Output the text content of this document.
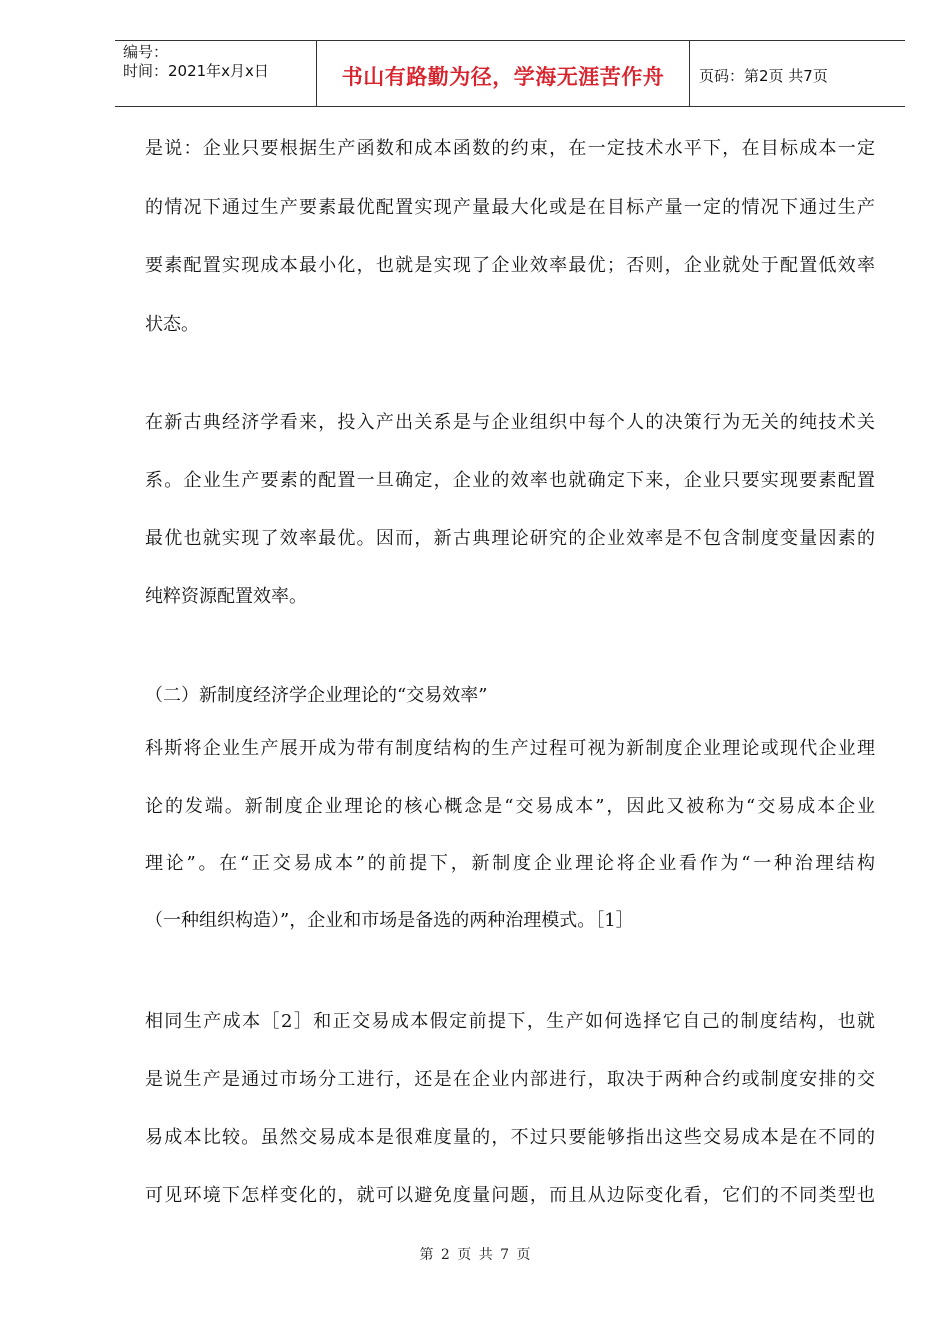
编号：
时间：2021年x月x日	书山有路勤为径，学海无涯苦作舟	页码：第2页 共7页
是说：企业只要根据生产函数和成本函数的约束，在一定技术水平下，在目标成本一定
的情况下通过生产要素最优配置实现产量最大化或是在目标产量一定的情况下通过生产
要素配置实现成本最小化，也就是实现了企业效率最优；否则，企业就处于配置低效率
状态。
在新古典经济学看来，投入产出关系是与企业组织中每个人的决策行为无关的纯技术关
系。企业生产要素的配置一旦确定，企业的效率也就确定下来，企业只要实现要素配置
最优也就实现了效率最优。因而，新古典理论研究的企业效率是不包含制度变量因素的
纯粹资源配置效率。
（二）新制度经济学企业理论的“交易效率”
科斯将企业生产展开成为带有制度结构的生产过程可视为新制度企业理论或现代企业理
论的发端。新制度企业理论的核心概念是“交易成本”，因此又被称为“交易成本企业
理论”。在“正交易成本”的前提下，新制度企业理论将企业看作为“一种治理结构
（一种组织构造）”，企业和市场是备选的两种治理模式。［1］
相同生产成本［2］和正交易成本假定前提下，生产如何选择它自己的制度结构，也就
是说生产是通过市场分工进行，还是在企业内部进行，取决于两种合约或制度安排的交
易成本比较。虽然交易成本是很难度量的，不过只要能够指出这些交易成本是在不同的
可见环境下怎样变化的，就可以避免度量问题，而且从边际变化看，它们的不同类型也
第 2 页 共 7 页
